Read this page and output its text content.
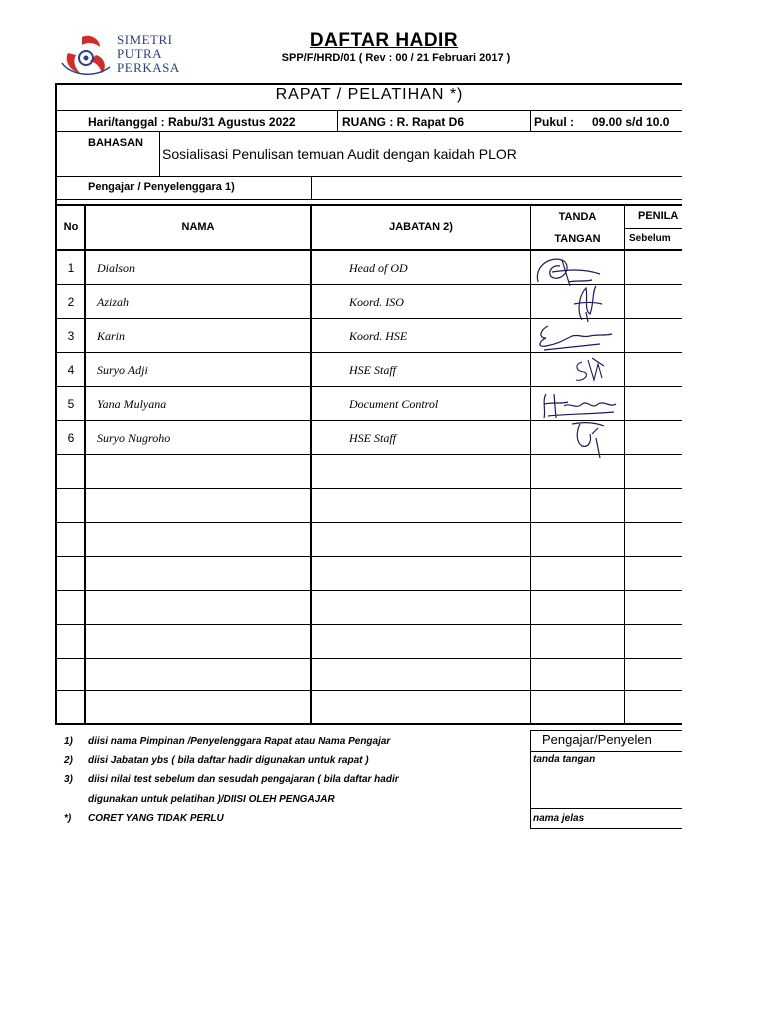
SIMETRI
PUTRA
PERKASA
DAFTAR HADIR
SPP/F/HRD/01 ( Rev : 00 / 21 Februari 2017 )
RAPAT / PELATIHAN *)
Hari/tanggal : Rabu/31 Agustus 2022	RUANG : R. Rapat D6	Pukul : 09.00 s/d 10.0
BAHASAN
Sosialisasi Penulisan temuan Audit dengan kaidah PLOR
Pengajar / Penyelenggara 1)
No	NAMA	JABATAN 2)
TANDA
TANGAN
PENILA
Sebelum
1	Dialson	Head of OD
2	Azizah	Koord. ISO
3	Karin	Koord. HSE
4	Suryo Adji	HSE Staff
5	Yana Mulyana	Document Control
6	Suryo Nugroho	HSE Staff
1) diisi nama Pimpinan /Penyelenggara Rapat atau Nama Pengajar
2) diisi Jabatan ybs ( bila daftar hadir digunakan untuk rapat )
3) diisi nilai test sebelum dan sesudah pengajaran ( bila daftar hadir
digunakan untuk pelatihan )/DIISI OLEH PENGAJAR
*) CORET YANG TIDAK PERLU
Pengajar/Penyelen
tanda tangan
nama jelas
